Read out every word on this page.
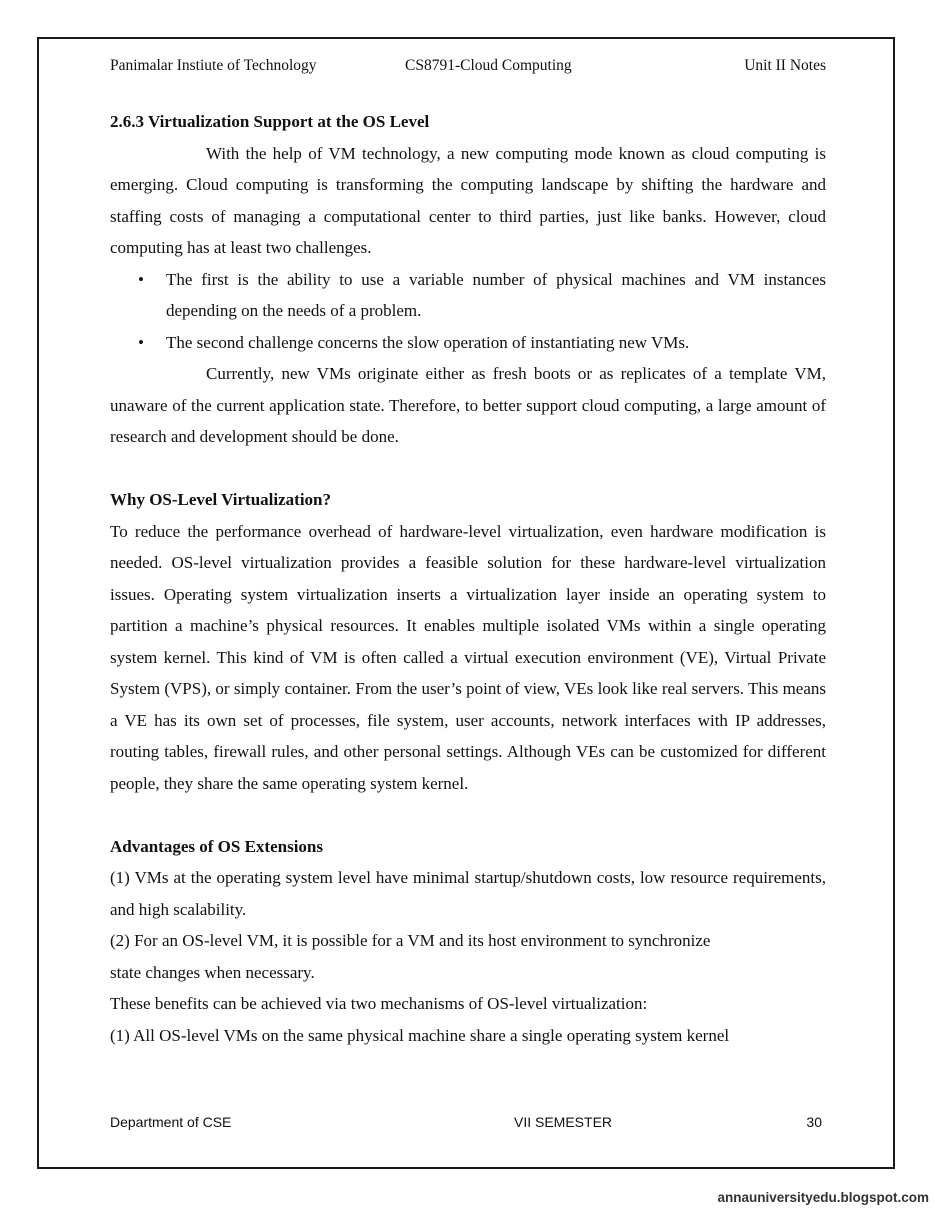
Panimalar Instiute of Technology	CS8791-Cloud Computing	Unit II Notes

2.6.3 Virtualization Support at the OS Level

With the help of VM technology, a new computing mode known as cloud computing is emerging. Cloud computing is transforming the computing landscape by shifting the hardware and staffing costs of managing a computational center to third parties, just like banks. However, cloud computing has at least two challenges.

• The first is the ability to use a variable number of physical machines and VM instances depending on the needs of a problem.
• The second challenge concerns the slow operation of instantiating new VMs.

Currently, new VMs originate either as fresh boots or as replicates of a template VM, unaware of the current application state. Therefore, to better support cloud computing, a large amount of research and development should be done.

Why OS-Level Virtualization?

To reduce the performance overhead of hardware-level virtualization, even hardware modification is needed. OS-level virtualization provides a feasible solution for these hardware-level virtualization issues. Operating system virtualization inserts a virtualization layer inside an operating system to partition a machine’s physical resources. It enables multiple isolated VMs within a single operating system kernel. This kind of VM is often called a virtual execution environment (VE), Virtual Private System (VPS), or simply container. From the user’s point of view, VEs look like real servers. This means a VE has its own set of processes, file system, user accounts, network interfaces with IP addresses, routing tables, firewall rules, and other personal settings. Although VEs can be customized for different people, they share the same operating system kernel.

Advantages of OS Extensions

(1) VMs at the operating system level have minimal startup/shutdown costs, low resource requirements, and high scalability.

(2) For an OS-level VM, it is possible for a VM and its host environment to synchronize

state changes when necessary.

These benefits can be achieved via two mechanisms of OS-level virtualization:

(1) All OS-level VMs on the same physical machine share a single operating system kernel

Department of CSE	VII SEMESTER	30
annauniversityedu.blogspot.com
